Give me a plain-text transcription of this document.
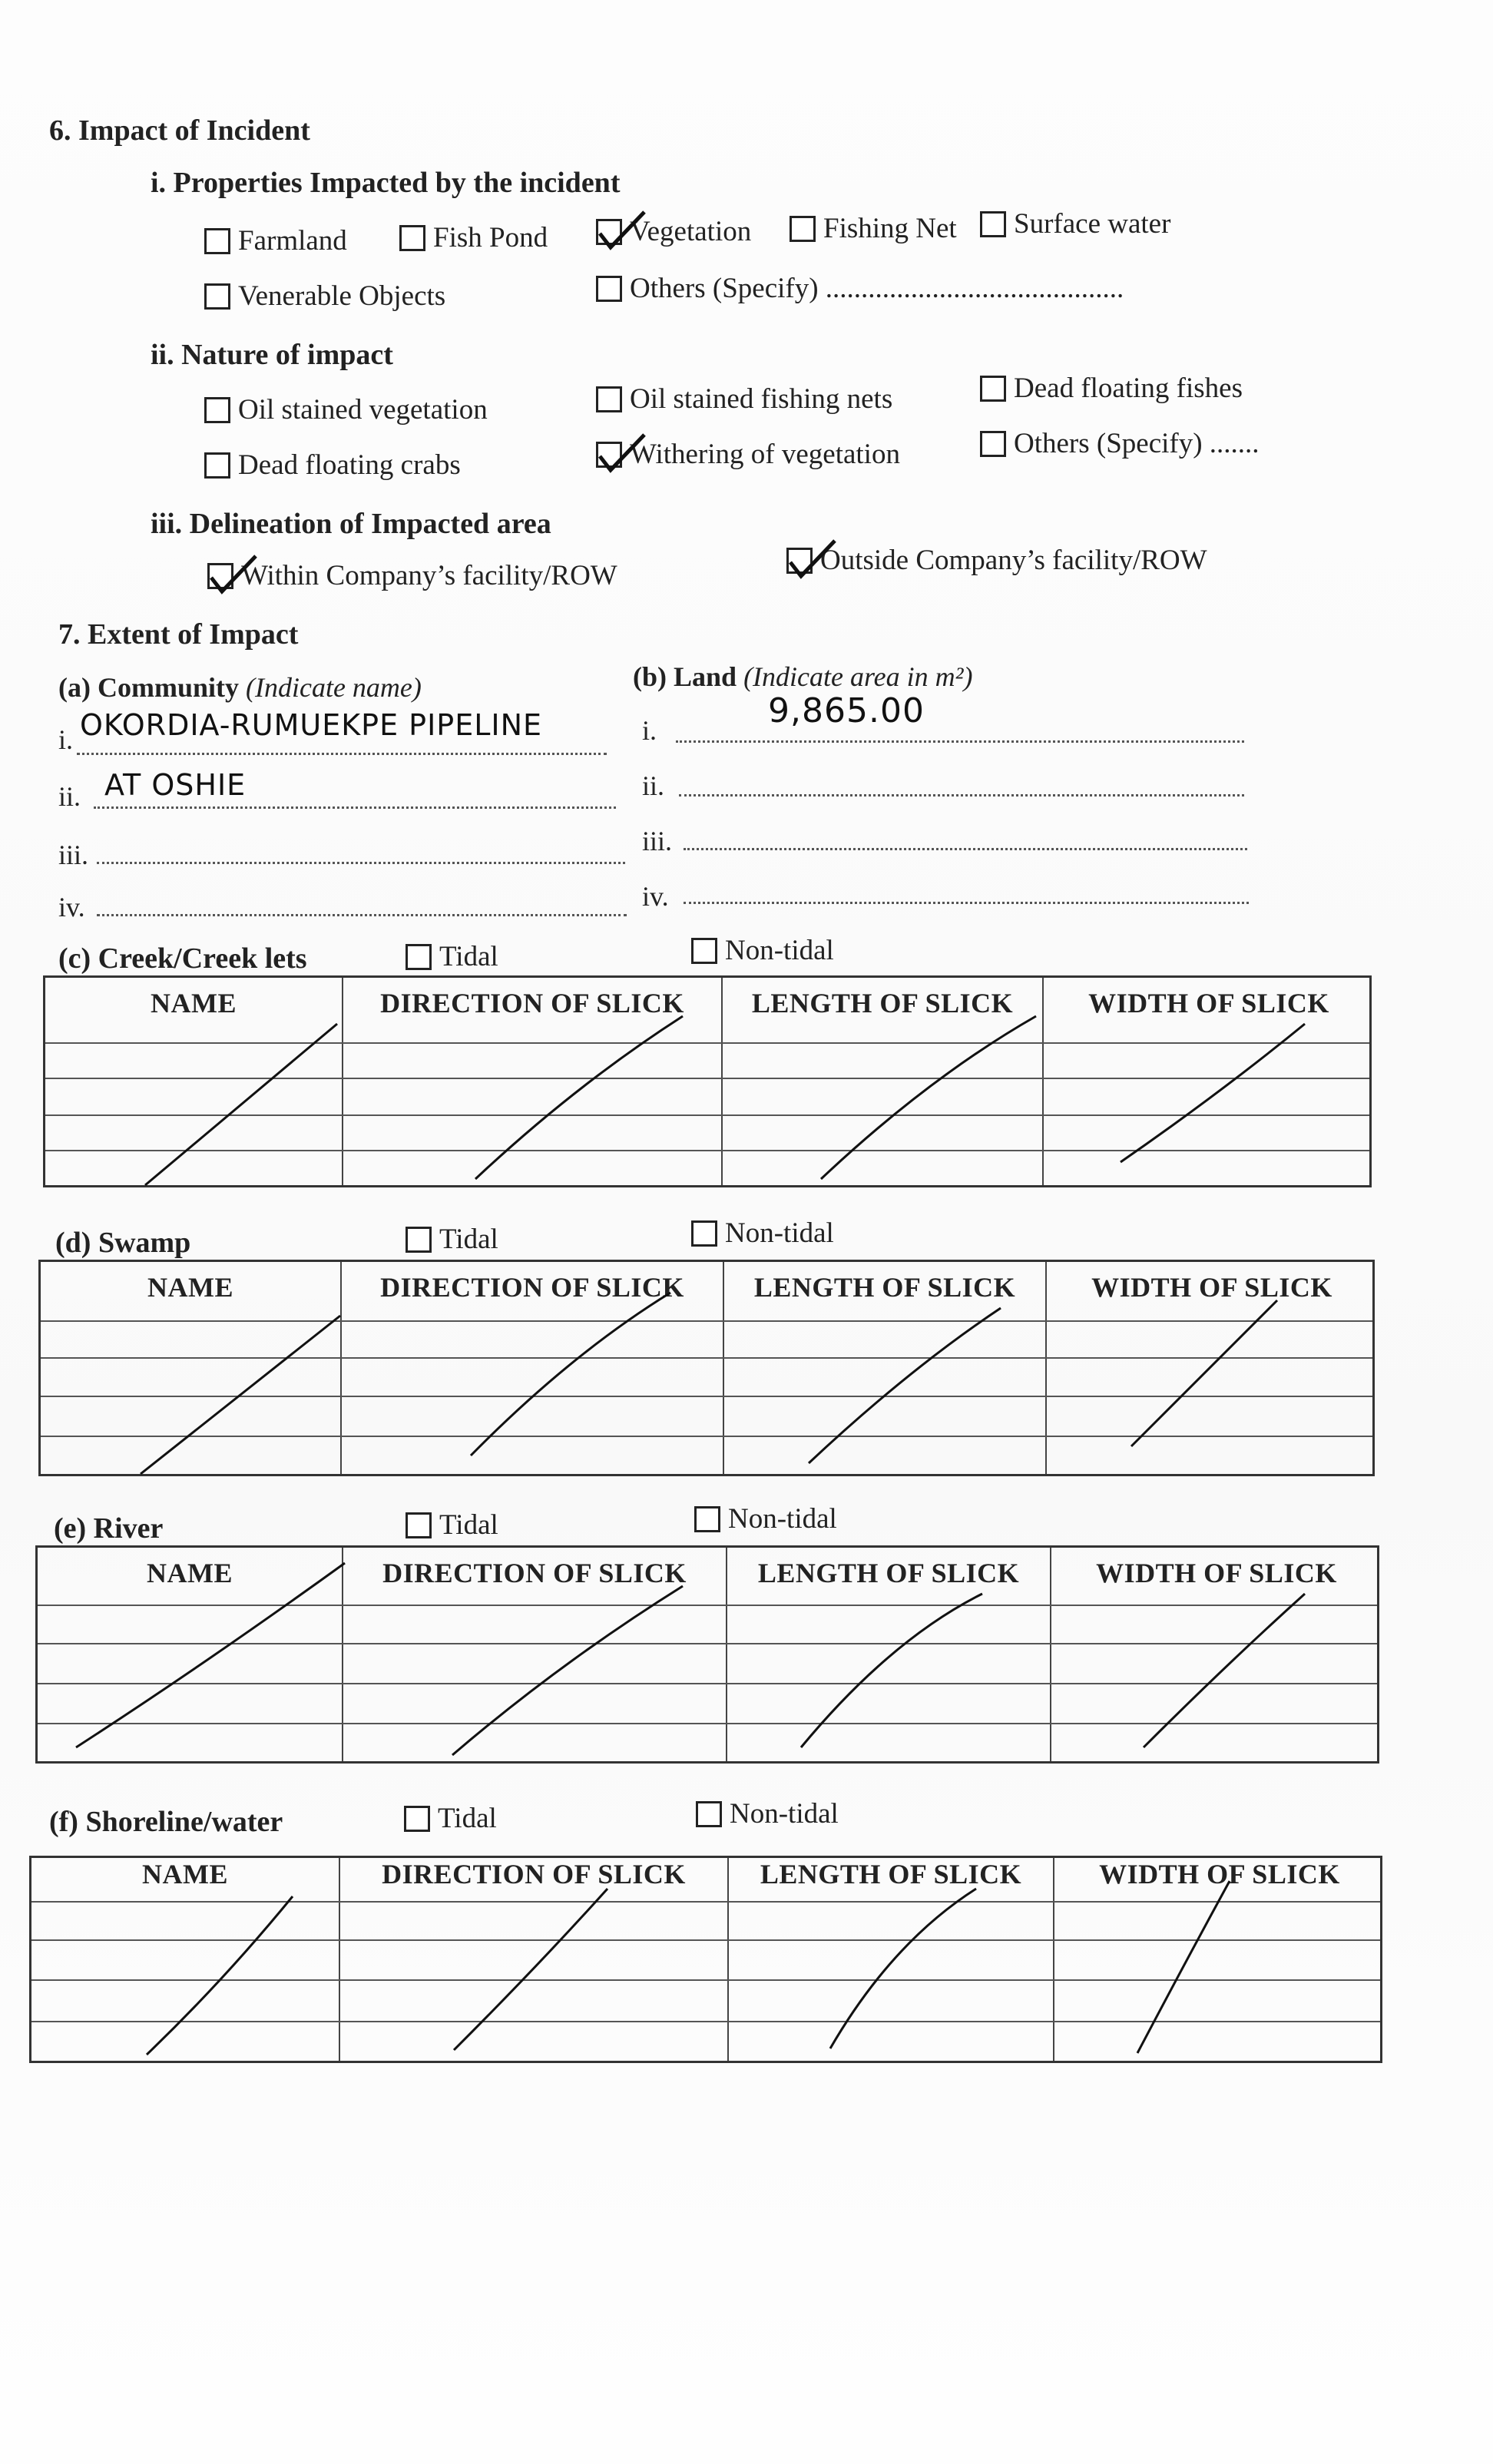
6. Impact of Incident
i. Properties Impacted by the incident
Farmland	Fish Pond	Vegetation	Fishing Net Surface water
Venerable Objects	Others (Specify) ..........................................
ii. Nature of impact
Oil stained vegetation	Oil stained fishing nets	Dead floating fishes
Dead floating crabs	Withering of vegetation	Others (Specify) .......
iii. Delineation of Impacted area
Within Company’s facility/ROW	Outside Company’s facility/ROW
7. Extent of Impact
(a) Community (Indicate name)	(b) Land (Indicate area in m²)
i. OKORDIA-RUMUEKPE PIPELINE
ii. AT OSHIE
iii.
iv.
i.	9,865.00
ii.
iii.
iv.
(c) Creek/Creek lets	Tidal	Non-tidal
NAME	DIRECTION OF SLICK	LENGTH OF SLICK	WIDTH OF SLICK
(d) Swamp	Tidal	Non-tidal
NAME	DIRECTION OF SLICK	LENGTH OF SLICK	WIDTH OF SLICK
(e) River	Tidal	Non-tidal
NAME	DIRECTION OF SLICK	LENGTH OF SLICK	WIDTH OF SLICK
(f) Shoreline/water	Tidal	Non-tidal
NAME	DIRECTION OF SLICK	LENGTH OF SLICK	WIDTH OF SLICK
